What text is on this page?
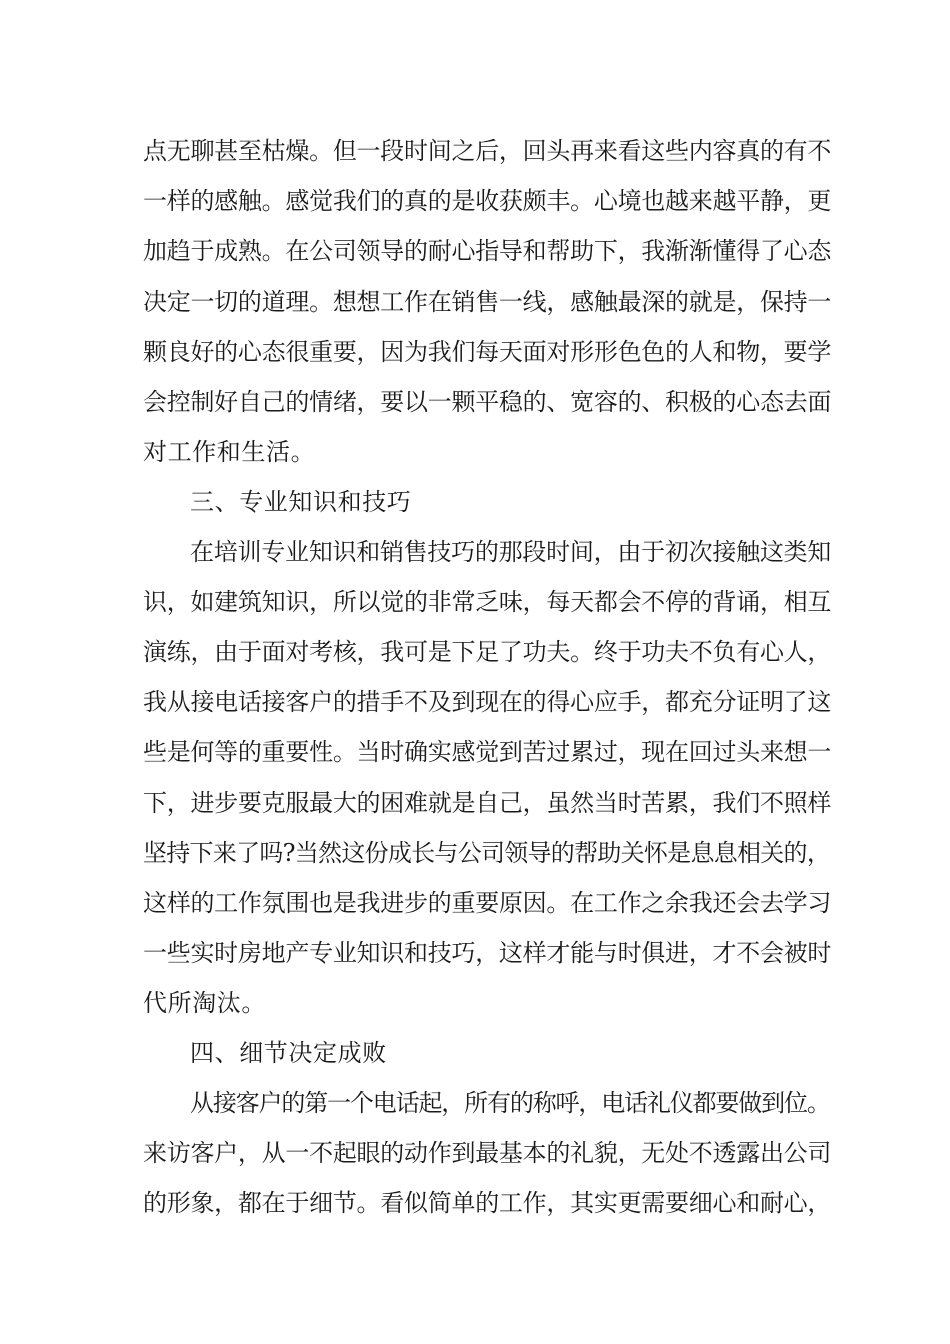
点无聊甚至枯燥。但一段时间之后，回头再来看这些内容真的有不
一样的感触。感觉我们的真的是收获颇丰。心境也越来越平静，更
加趋于成熟。在公司领导的耐心指导和帮助下，我渐渐懂得了心态
决定一切的道理。想想工作在销售一线，感触最深的就是，保持一
颗良好的心态很重要，因为我们每天面对形形色色的人和物，要学
会控制好自己的情绪，要以一颗平稳的、宽容的、积极的心态去面
对工作和生活。
三、专业知识和技巧
在培训专业知识和销售技巧的那段时间，由于初次接触这类知
识，如建筑知识，所以觉的非常乏味，每天都会不停的背诵，相互
演练，由于面对考核，我可是下足了功夫。终于功夫不负有心人，
我从接电话接客户的措手不及到现在的得心应手，都充分证明了这
些是何等的重要性。当时确实感觉到苦过累过，现在回过头来想一
下，进步要克服最大的困难就是自己，虽然当时苦累，我们不照样
坚持下来了吗?当然这份成长与公司领导的帮助关怀是息息相关的，
这样的工作氛围也是我进步的重要原因。在工作之余我还会去学习
一些实时房地产专业知识和技巧，这样才能与时俱进，才不会被时
代所淘汰。
四、细节决定成败
从接客户的第一个电话起，所有的称呼，电话礼仪都要做到位。
来访客户，从一不起眼的动作到最基本的礼貌，无处不透露出公司
的形象，都在于细节。看似简单的工作，其实更需要细心和耐心，
